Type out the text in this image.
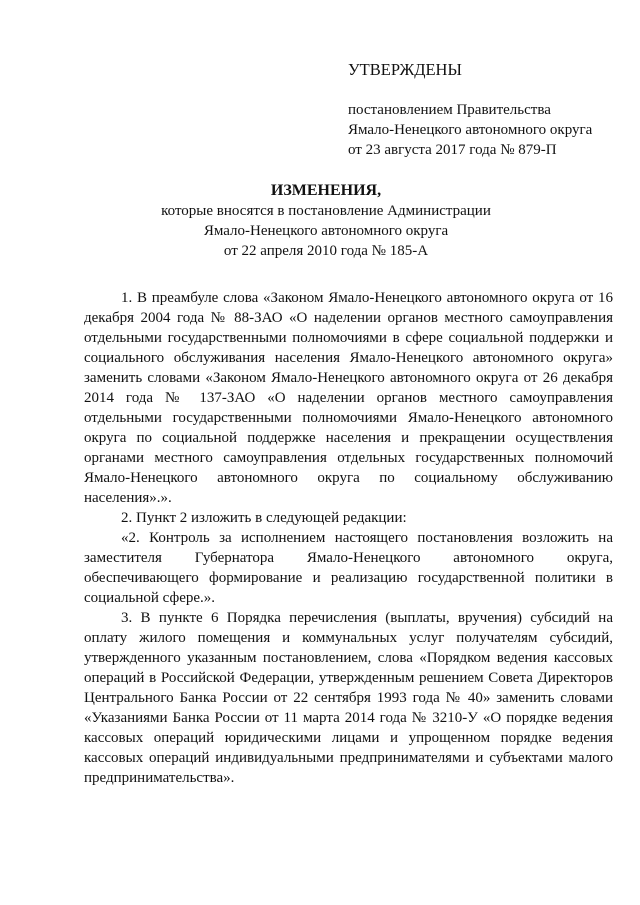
УТВЕРЖДЕНЫ
постановлением Правительства
Ямало-Ненецкого автономного округа
от 23 августа 2017 года № 879-П
ИЗМЕНЕНИЯ,
которые вносятся в постановление Администрации
Ямало-Ненецкого автономного округа
от 22 апреля 2010 года № 185-А

1. В преамбуле слова «Законом Ямало-Ненецкого автономного округа от 16 декабря 2004 года № 88-ЗАО «О наделении органов местного самоуправления отдельными государственными полномочиями в сфере социальной поддержки и социального обслуживания населения Ямало-Ненецкого автономного округа» заменить словами «Законом Ямало-Ненецкого автономного округа от 26 декабря 2014 года № 137-ЗАО «О наделении органов местного самоуправления отдельными государственными полномочиями Ямало-Ненецкого автономного округа по социальной поддержке населения и прекращении осуществления органами местного самоуправления отдельных государственных полномочий Ямало-Ненецкого автономного округа по социальному обслуживанию населения».».

2. Пункт 2 изложить в следующей редакции:

«2. Контроль за исполнением настоящего постановления возложить на заместителя Губернатора Ямало-Ненецкого автономного округа, обеспечивающего формирование и реализацию государственной политики в социальной сфере.».

3. В пункте 6 Порядка перечисления (выплаты, вручения) субсидий на оплату жилого помещения и коммунальных услуг получателям субсидий, утвержденного указанным постановлением, слова «Порядком ведения кассовых операций в Российской Федерации, утвержденным решением Совета Директоров Центрального Банка России от 22 сентября 1993 года № 40» заменить словами «Указаниями Банка России от 11 марта 2014 года № 3210-У «О порядке ведения кассовых операций юридическими лицами и упрощенном порядке ведения кассовых операций индивидуальными предпринимателями и субъектами малого предпринимательства».
